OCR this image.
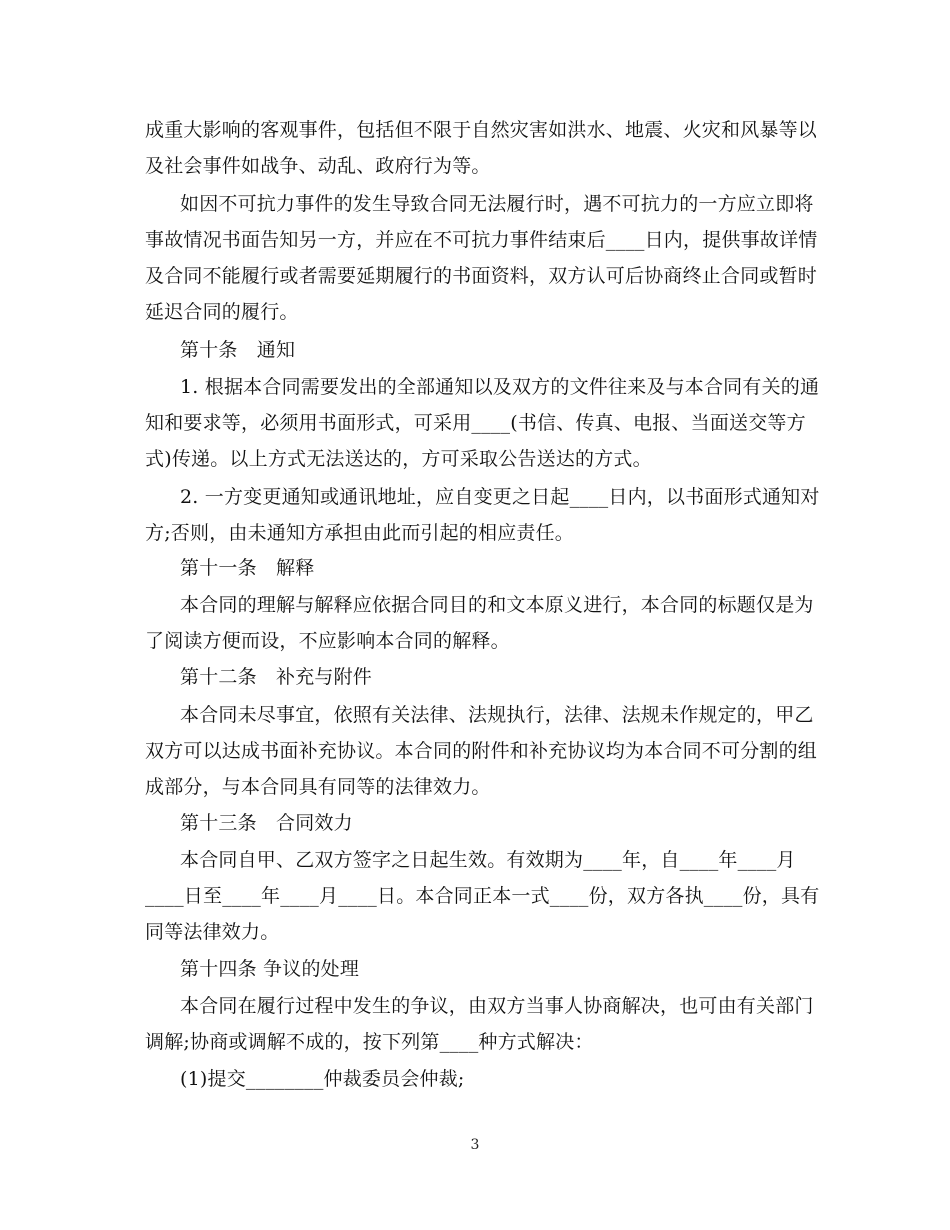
成重大影响的客观事件，包括但不限于自然灾害如洪水、地震、火灾和风暴等以
及社会事件如战争、动乱、政府行为等。
如因不可抗力事件的发生导致合同无法履行时，遇不可抗力的一方应立即将
事故情况书面告知另一方，并应在不可抗力事件结束后____日内，提供事故详情
及合同不能履行或者需要延期履行的书面资料，双方认可后协商终止合同或暂时
延迟合同的履行。
第十条　通知
1. 根据本合同需要发出的全部通知以及双方的文件往来及与本合同有关的通
知和要求等，必须用书面形式，可采用____(书信、传真、电报、当面送交等方
式)传递。以上方式无法送达的，方可采取公告送达的方式。
2. 一方变更通知或通讯地址，应自变更之日起____日内，以书面形式通知对
方;否则，由未通知方承担由此而引起的相应责任。
第十一条　解释
本合同的理解与解释应依据合同目的和文本原义进行，本合同的标题仅是为
了阅读方便而设，不应影响本合同的解释。
第十二条　补充与附件
本合同未尽事宜，依照有关法律、法规执行，法律、法规未作规定的，甲乙
双方可以达成书面补充协议。本合同的附件和补充协议均为本合同不可分割的组
成部分，与本合同具有同等的法律效力。
第十三条　合同效力
本合同自甲、乙双方签字之日起生效。有效期为____年，自____年____月
____日至____年____月____日。本合同正本一式____份，双方各执____份，具有
同等法律效力。
第十四条 争议的处理
本合同在履行过程中发生的争议，由双方当事人协商解决，也可由有关部门
调解;协商或调解不成的，按下列第____种方式解决：
(1)提交________仲裁委员会仲裁;
3
